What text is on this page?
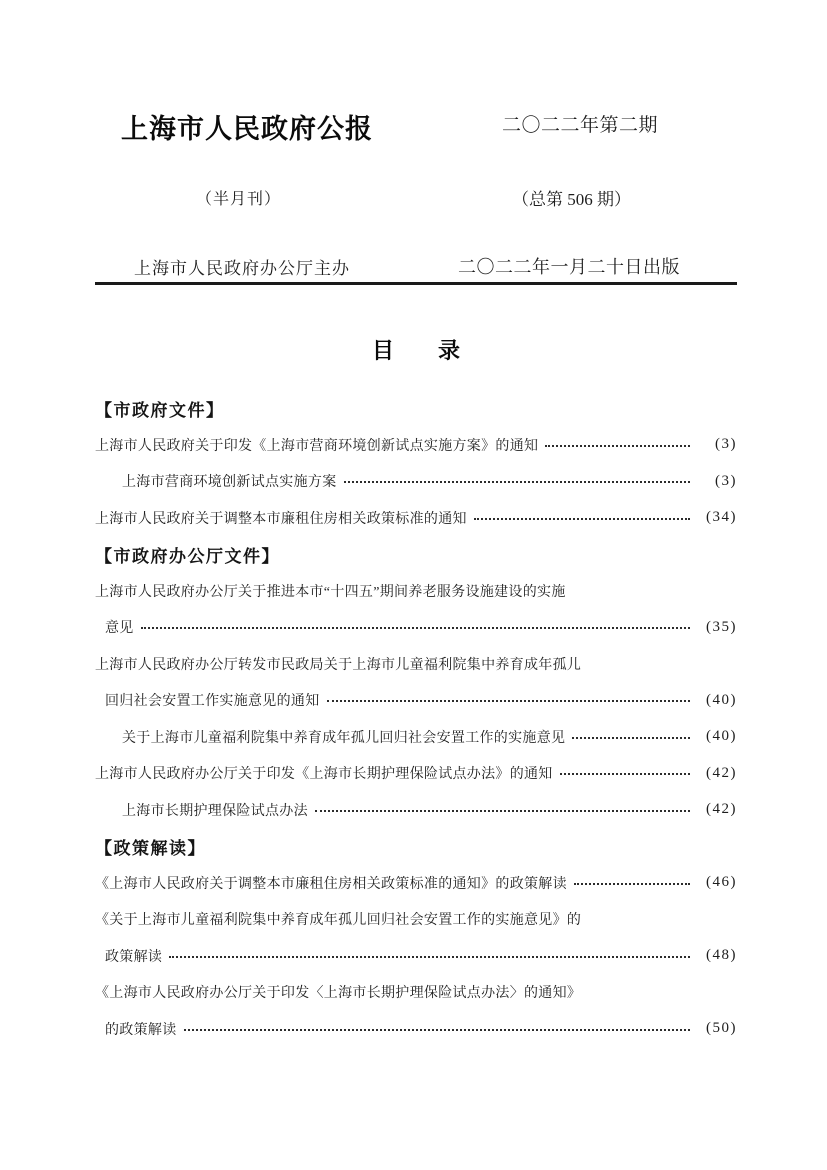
上海市人民政府公报	二〇二二年第二期
（半月刊）	（总第 506 期）
上海市人民政府办公厅主办	二〇二二年一月二十日出版
目　　录
【市政府文件】
上海市人民政府关于印发《上海市营商环境创新试点实施方案》的通知	(3)
上海市营商环境创新试点实施方案	(3)
上海市人民政府关于调整本市廉租住房相关政策标准的通知	(34)
【市政府办公厅文件】
上海市人民政府办公厅关于推进本市“十四五”期间养老服务设施建设的实施
意见	(35)
上海市人民政府办公厅转发市民政局关于上海市儿童福利院集中养育成年孤儿
回归社会安置工作实施意见的通知	(40)
关于上海市儿童福利院集中养育成年孤儿回归社会安置工作的实施意见	(40)
上海市人民政府办公厅关于印发《上海市长期护理保险试点办法》的通知	(42)
上海市长期护理保险试点办法	(42)
【政策解读】
《上海市人民政府关于调整本市廉租住房相关政策标准的通知》的政策解读	(46)
《关于上海市儿童福利院集中养育成年孤儿回归社会安置工作的实施意见》的
政策解读	(48)
《上海市人民政府办公厅关于印发〈上海市长期护理保险试点办法〉的通知》
的政策解读	(50)
